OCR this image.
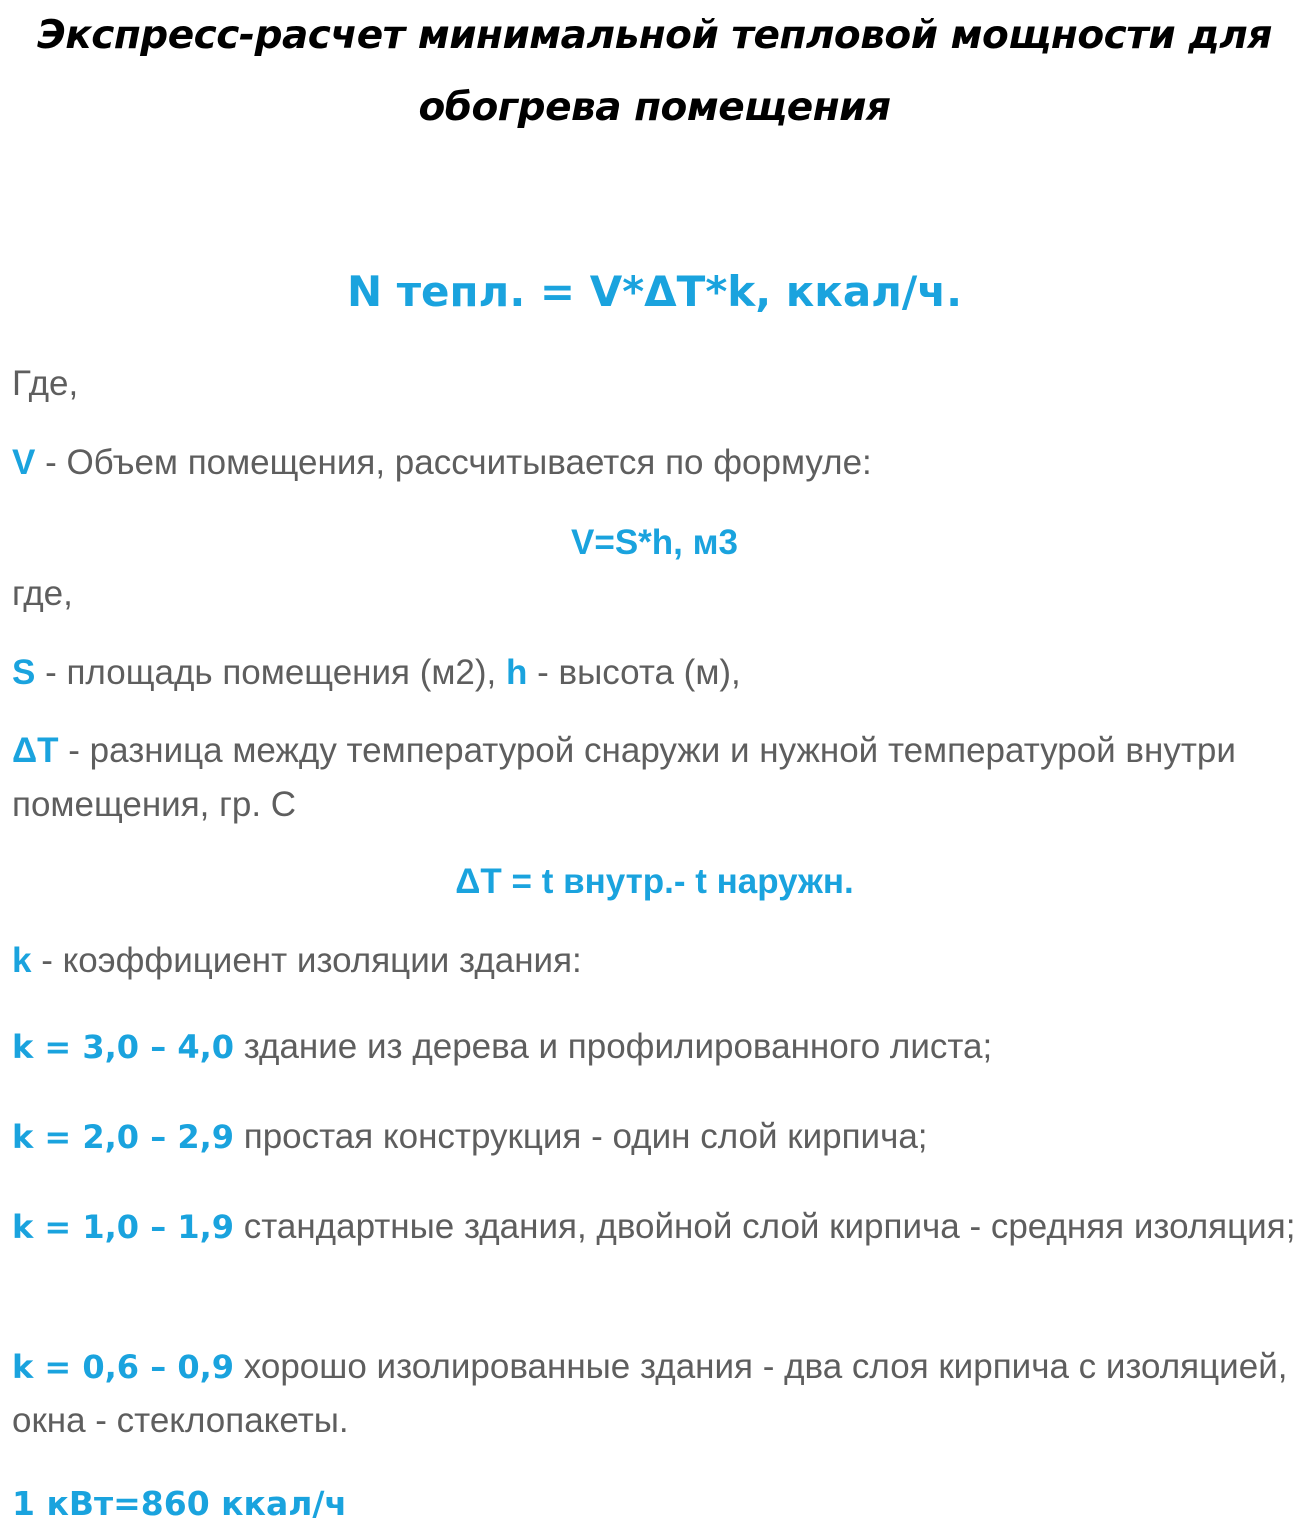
Экспресс-расчет минимальной тепловой мощности для
обогрева помещения
N тепл. = V*ΔT*k, ккал/ч.
Где,
V - Объем помещения, рассчитывается по формуле:
V=S*h, м3
где,
S - площадь помещения (м2), h - высота (м),
ΔT - разница между температурой снаружи и нужной температурой внутри помещения, гр. С
ΔT = t внутр.- t наружн.
k - коэффициент изоляции здания:
k = 3,0 – 4,0 здание из дерева и профилированного листа;
k = 2,0 – 2,9 простая конструкция - один слой кирпича;
k = 1,0 – 1,9 стандартные здания, двойной слой кирпича - средняя изоляция;
k = 0,6 – 0,9 хорошо изолированные здания - два слоя кирпича с изоляцией, окна - стеклопакеты.
1 кВт=860 ккал/ч
